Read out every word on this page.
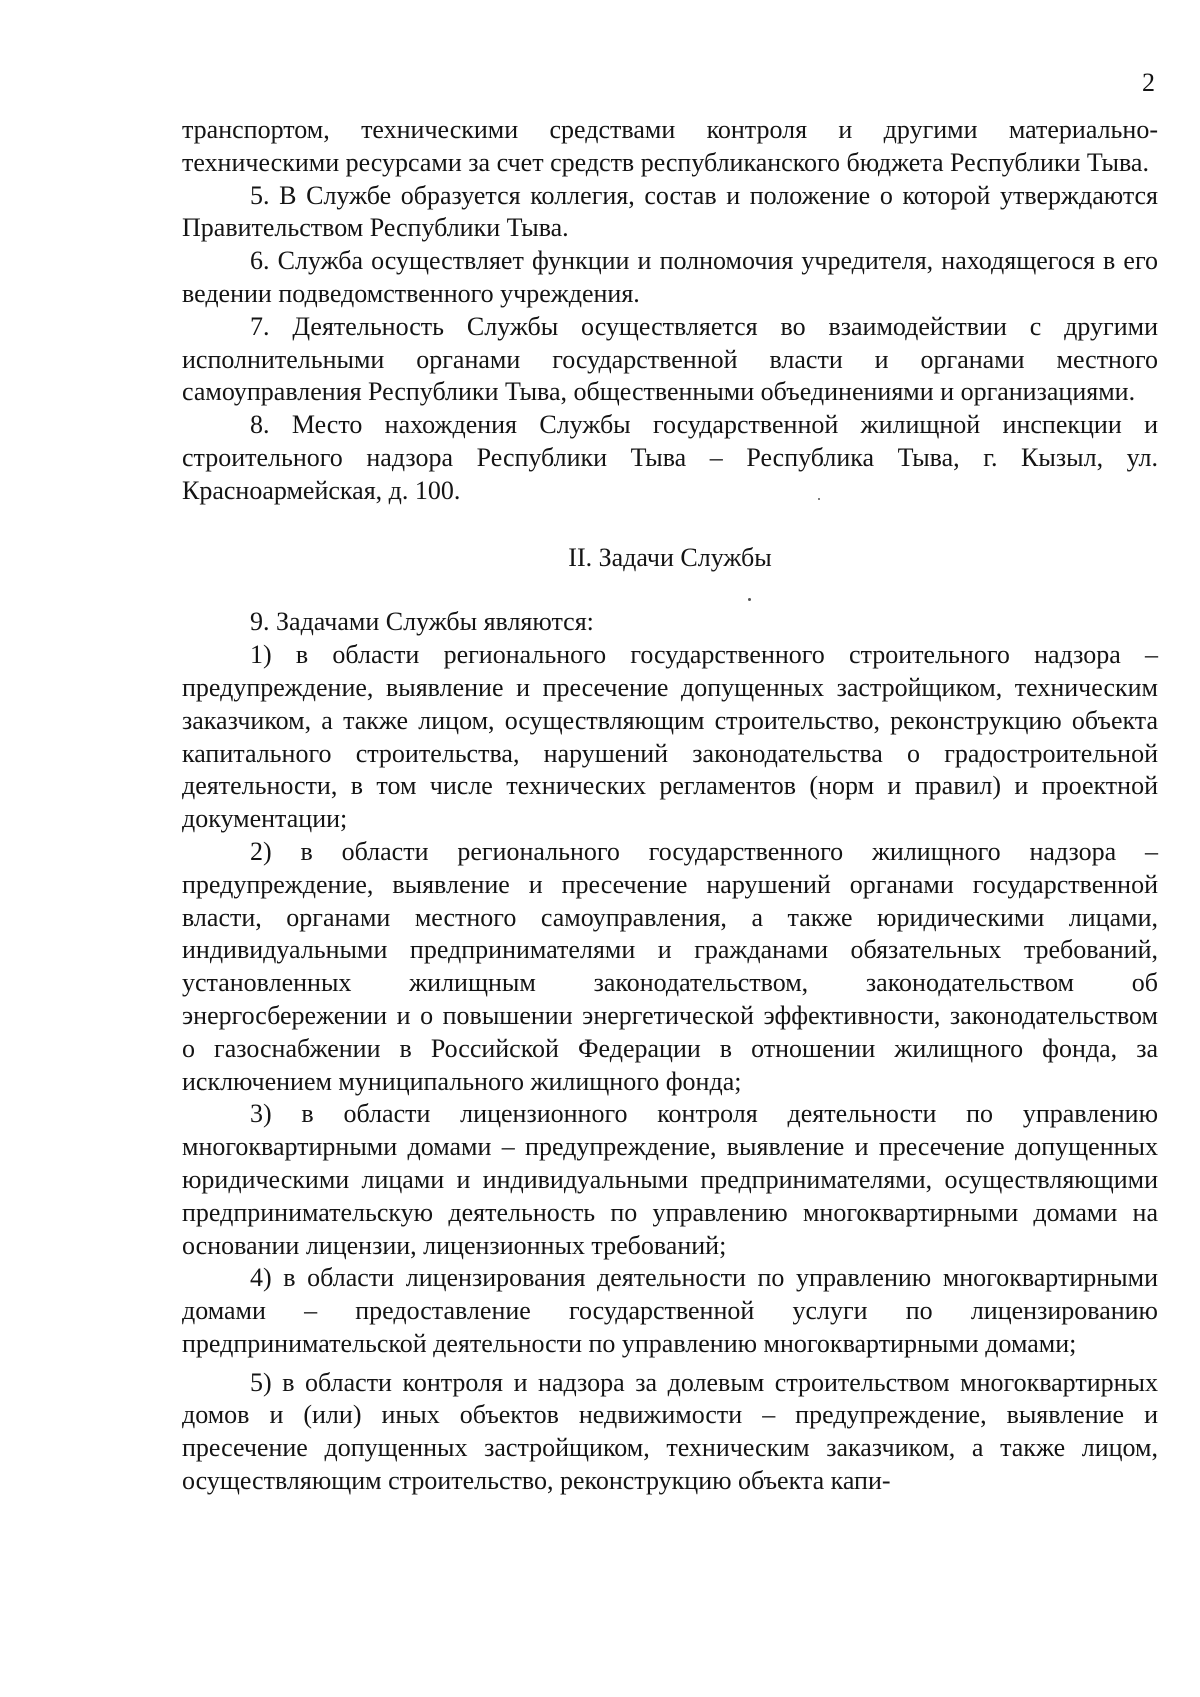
2

транспортом, техническими средствами контроля и другими материально-техническими ресурсами за счет средств республиканского бюджета Республики Тыва.

5. В Службе образуется коллегия, состав и положение о которой утверждаются Правительством Республики Тыва.

6. Служба осуществляет функции и полномочия учредителя, находящегося в его ведении подведомственного учреждения.

7. Деятельность Службы осуществляется во взаимодействии с другими исполнительными органами государственной власти и органами местного самоуправления Республики Тыва, общественными объединениями и организациями.

8. Место нахождения Службы государственной жилищной инспекции и строительного надзора Республики Тыва – Республика Тыва, г. Кызыл, ул. Красноармейская, д. 100.

II. Задачи Службы

9. Задачами Службы являются:

1) в области регионального государственного строительного надзора – предупреждение, выявление и пресечение допущенных застройщиком, техническим заказчиком, а также лицом, осуществляющим строительство, реконструкцию объекта капитального строительства, нарушений законодательства о градостроительной деятельности, в том числе технических регламентов (норм и правил) и проектной документации;

2) в области регионального государственного жилищного надзора – предупреждение, выявление и пресечение нарушений органами государственной власти, органами местного самоуправления, а также юридическими лицами, индивидуальными предпринимателями и гражданами обязательных требований, установленных жилищным законодательством, законодательством об энергосбережении и о повышении энергетической эффективности, законодательством о газоснабжении в Российской Федерации в отношении жилищного фонда, за исключением муниципального жилищного фонда;

3) в области лицензионного контроля деятельности по управлению многоквартирными домами – предупреждение, выявление и пресечение допущенных юридическими лицами и индивидуальными предпринимателями, осуществляющими предпринимательскую деятельность по управлению многоквартирными домами на основании лицензии, лицензионных требований;

4) в области лицензирования деятельности по управлению многоквартирными домами – предоставление государственной услуги по лицензированию предпринимательской деятельности по управлению многоквартирными домами;

5) в области контроля и надзора за долевым строительством многоквартирных домов и (или) иных объектов недвижимости – предупреждение, выявление и пресечение допущенных застройщиком, техническим заказчиком, а также лицом, осуществляющим строительство, реконструкцию объекта капи-
